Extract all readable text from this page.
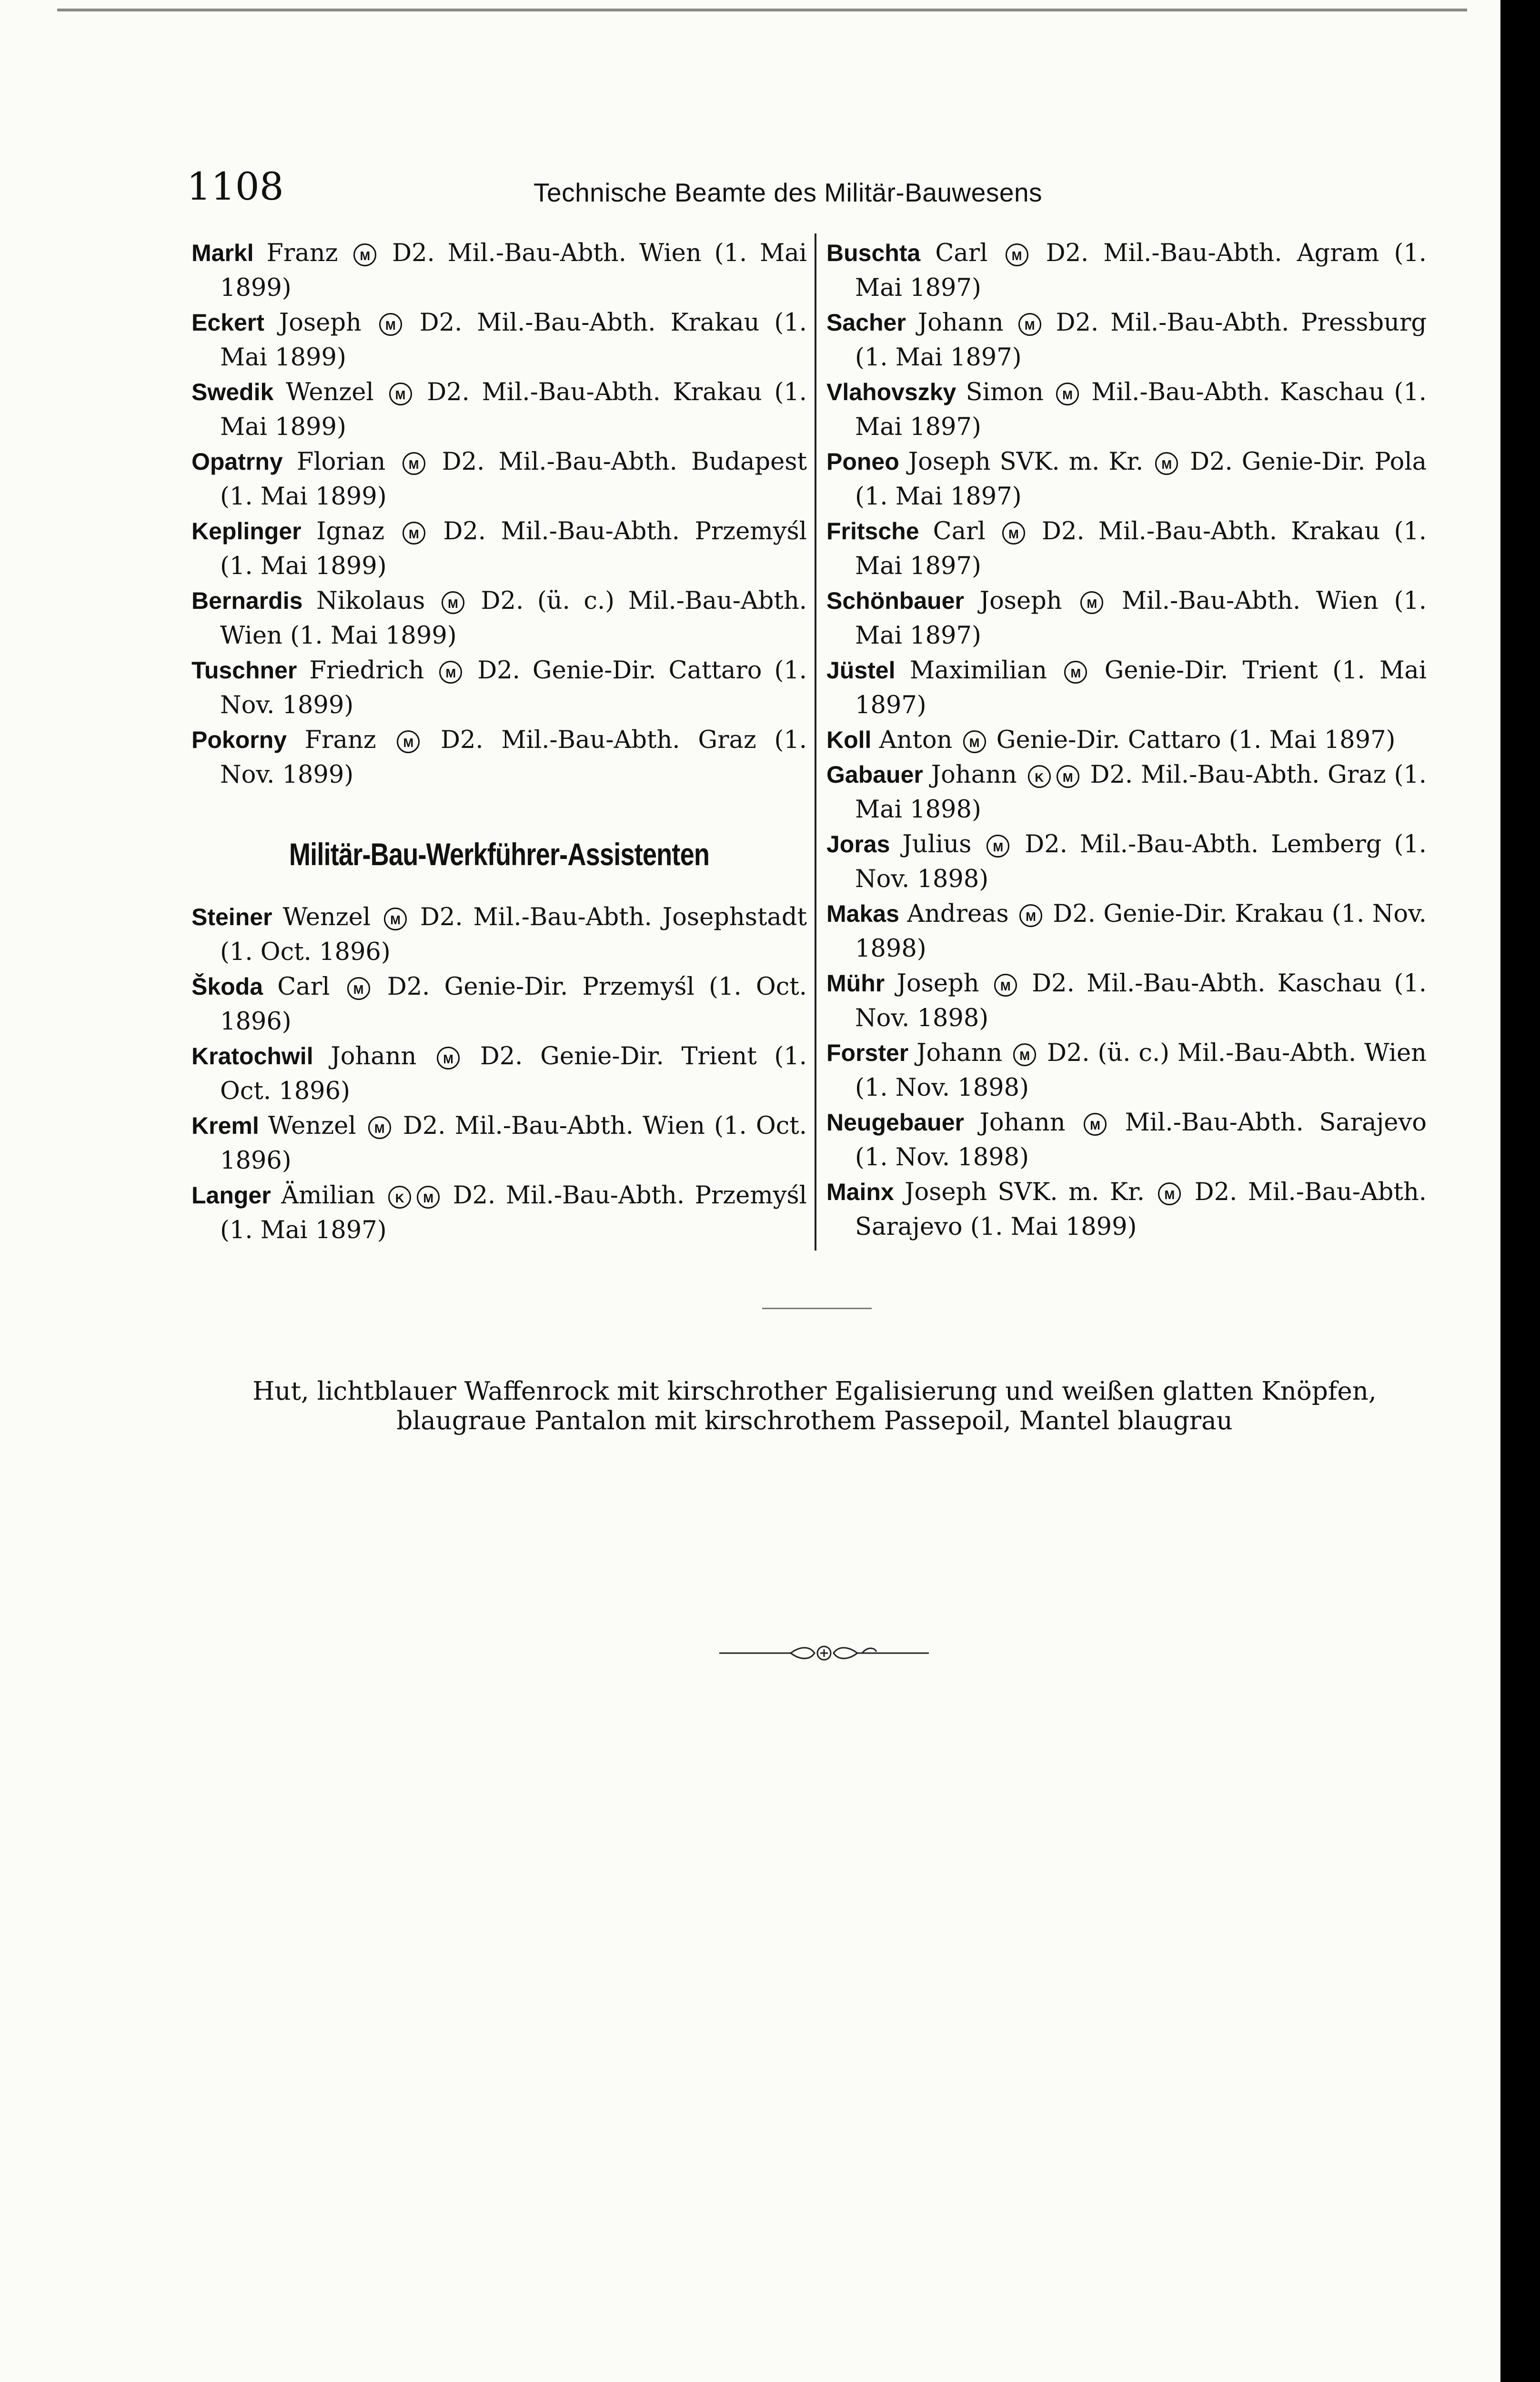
1108	Technische Beamte des Militär-Bauwesens
Markl Franz M D2. Mil.-Bau-Abth. Wien (1. Mai 1899)
Eckert Joseph M D2. Mil.-Bau-Abth. Krakau (1. Mai 1899)
Swedik Wenzel M D2. Mil.-Bau-Abth. Krakau (1. Mai 1899)
Opatrny Florian M D2. Mil.-Bau-Abth. Budapest (1. Mai 1899)
Keplinger Ignaz M D2. Mil.-Bau-Abth. Przemyśl (1. Mai 1899)
Bernardis Nikolaus M D2. (ü. c.) Mil.-Bau-Abth. Wien (1. Mai 1899)
Tuschner Friedrich M D2. Genie-Dir. Cattaro (1. Nov. 1899)
Pokorny Franz M D2. Mil.-Bau-Abth. Graz (1. Nov. 1899)
Militär-Bau-Werkführer-Assistenten
Steiner Wenzel M D2. Mil.-Bau-Abth. Josephstadt (1. Oct. 1896)
Škoda Carl M D2. Genie-Dir. Przemyśl (1. Oct. 1896)
Kratochwil Johann M D2. Genie-Dir. Trient (1. Oct. 1896)
Kreml Wenzel M D2. Mil.-Bau-Abth. Wien (1. Oct. 1896)
Langer Ämilian K M D2. Mil.-Bau-Abth. Przemyśl (1. Mai 1897)
Buschta Carl M D2. Mil.-Bau-Abth. Agram (1. Mai 1897)
Sacher Johann M D2. Mil.-Bau-Abth. Pressburg (1. Mai 1897)
Vlahovszky Simon M Mil.-Bau-Abth. Kaschau (1. Mai 1897)
Poneo Joseph SVK. m. Kr. M D2. Genie-Dir. Pola (1. Mai 1897)
Fritsche Carl M D2. Mil.-Bau-Abth. Krakau (1. Mai 1897)
Schönbauer Joseph M Mil.-Bau-Abth. Wien (1. Mai 1897)
Jüstel Maximilian M Genie-Dir. Trient (1. Mai 1897)
Koll Anton M Genie-Dir. Cattaro (1. Mai 1897)
Gabauer Johann K M D2. Mil.-Bau-Abth. Graz (1. Mai 1898)
Joras Julius M D2. Mil.-Bau-Abth. Lemberg (1. Nov. 1898)
Makas Andreas M D2. Genie-Dir. Krakau (1. Nov. 1898)
Mühr Joseph M D2. Mil.-Bau-Abth. Kaschau (1. Nov. 1898)
Forster Johann M D2. (ü. c.) Mil.-Bau-Abth. Wien (1. Nov. 1898)
Neugebauer Johann M Mil.-Bau-Abth. Sarajevo (1. Nov. 1898)
Mainx Joseph SVK. m. Kr. M D2. Mil.-Bau-Abth. Sarajevo (1. Mai 1899)
Hut, lichtblauer Waffenrock mit kirschrother Egalisierung und weißen glatten Knöpfen, blaugraue Pantalon mit kirschrothem Passepoil, Mantel blaugrau
